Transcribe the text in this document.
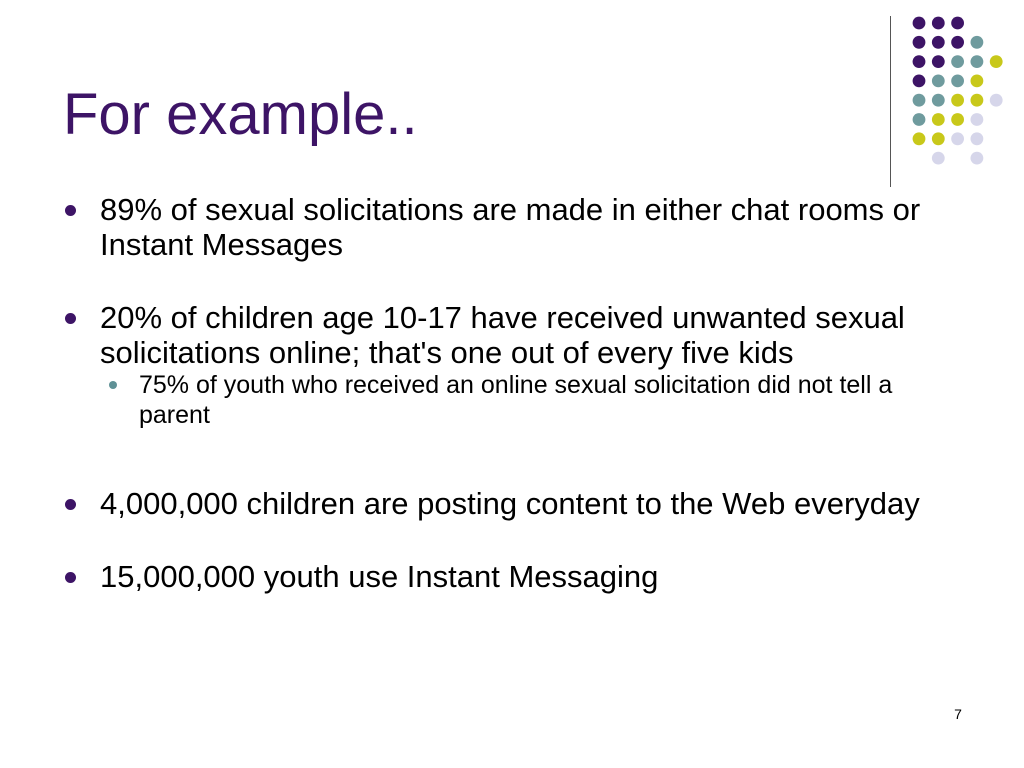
For example..
89% of sexual solicitations are made in either chat rooms or Instant Messages
20% of children age 10-17 have received unwanted sexual solicitations online; that's one out of every five kids
75% of youth who received an online sexual solicitation did not tell a parent
4,000,000 children are posting content to the Web everyday
15,000,000 youth use Instant Messaging
7
